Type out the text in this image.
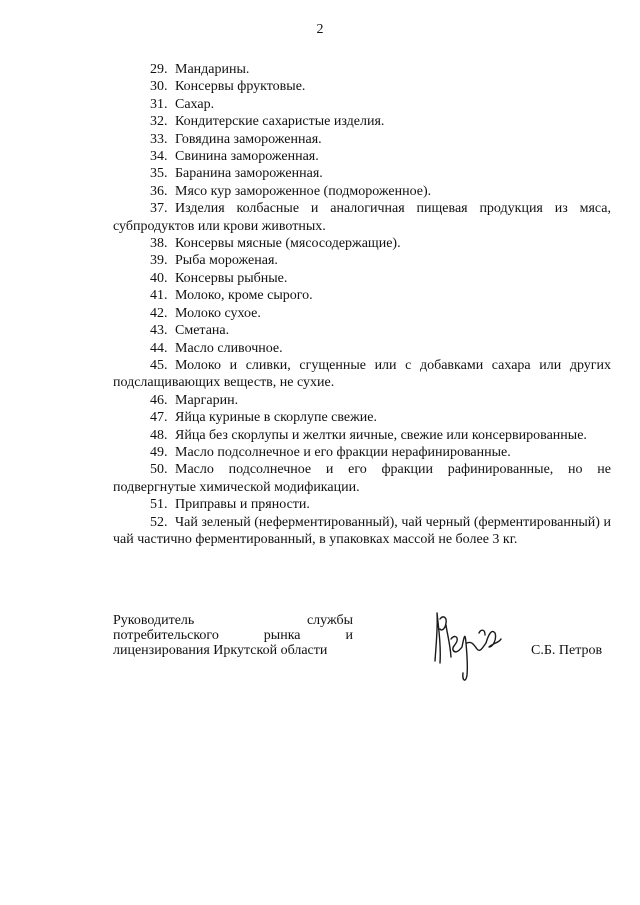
2
29. Мандарины.
30. Консервы фруктовые.
31. Сахар.
32. Кондитерские сахаристые изделия.
33. Говядина замороженная.
34. Свинина замороженная.
35. Баранина замороженная.
36. Мясо кур замороженное (подмороженное).
37. Изделия колбасные и аналогичная пищевая продукция из мяса, субпродуктов или крови животных.
38. Консервы мясные (мясосодержащие).
39. Рыба мороженая.
40. Консервы рыбные.
41. Молоко, кроме сырого.
42. Молоко сухое.
43. Сметана.
44. Масло сливочное.
45. Молоко и сливки, сгущенные или с добавками сахара или других подслащивающих веществ, не сухие.
46. Маргарин.
47. Яйца куриные в скорлупе свежие.
48. Яйца без скорлупы и желтки яичные, свежие или консервированные.
49. Масло подсолнечное и его фракции нерафинированные.
50. Масло подсолнечное и его фракции рафинированные, но не подвергнутые химической модификации.
51. Приправы и пряности.
52. Чай зеленый (неферментированный), чай черный (ферментированный) и чай частично ферментированный, в упаковках массой не более 3 кг.
Руководитель службы
потребительского рынка и
лицензирования Иркутской области	С.Б. Петров
